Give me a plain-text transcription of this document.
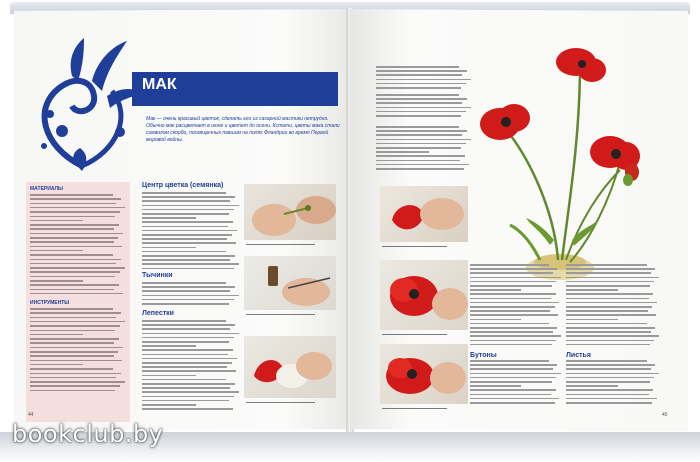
МАК
Мак — очень красивый цветок, сделать его из сахарной мастики нетрудно. Обычно мак расцветает в июне и цветет до осени. Кстати, цветы мака стали символом скорби, посвященных павшим на полях Фландрии во время Первой мировой войны.
МАТЕРИАЛЫ
ИНСТРУМЕНТЫ
Центр цветка (семянка)
Тычинки
Лепестки
44
Бутоны	Листья
45
bookclub.by
